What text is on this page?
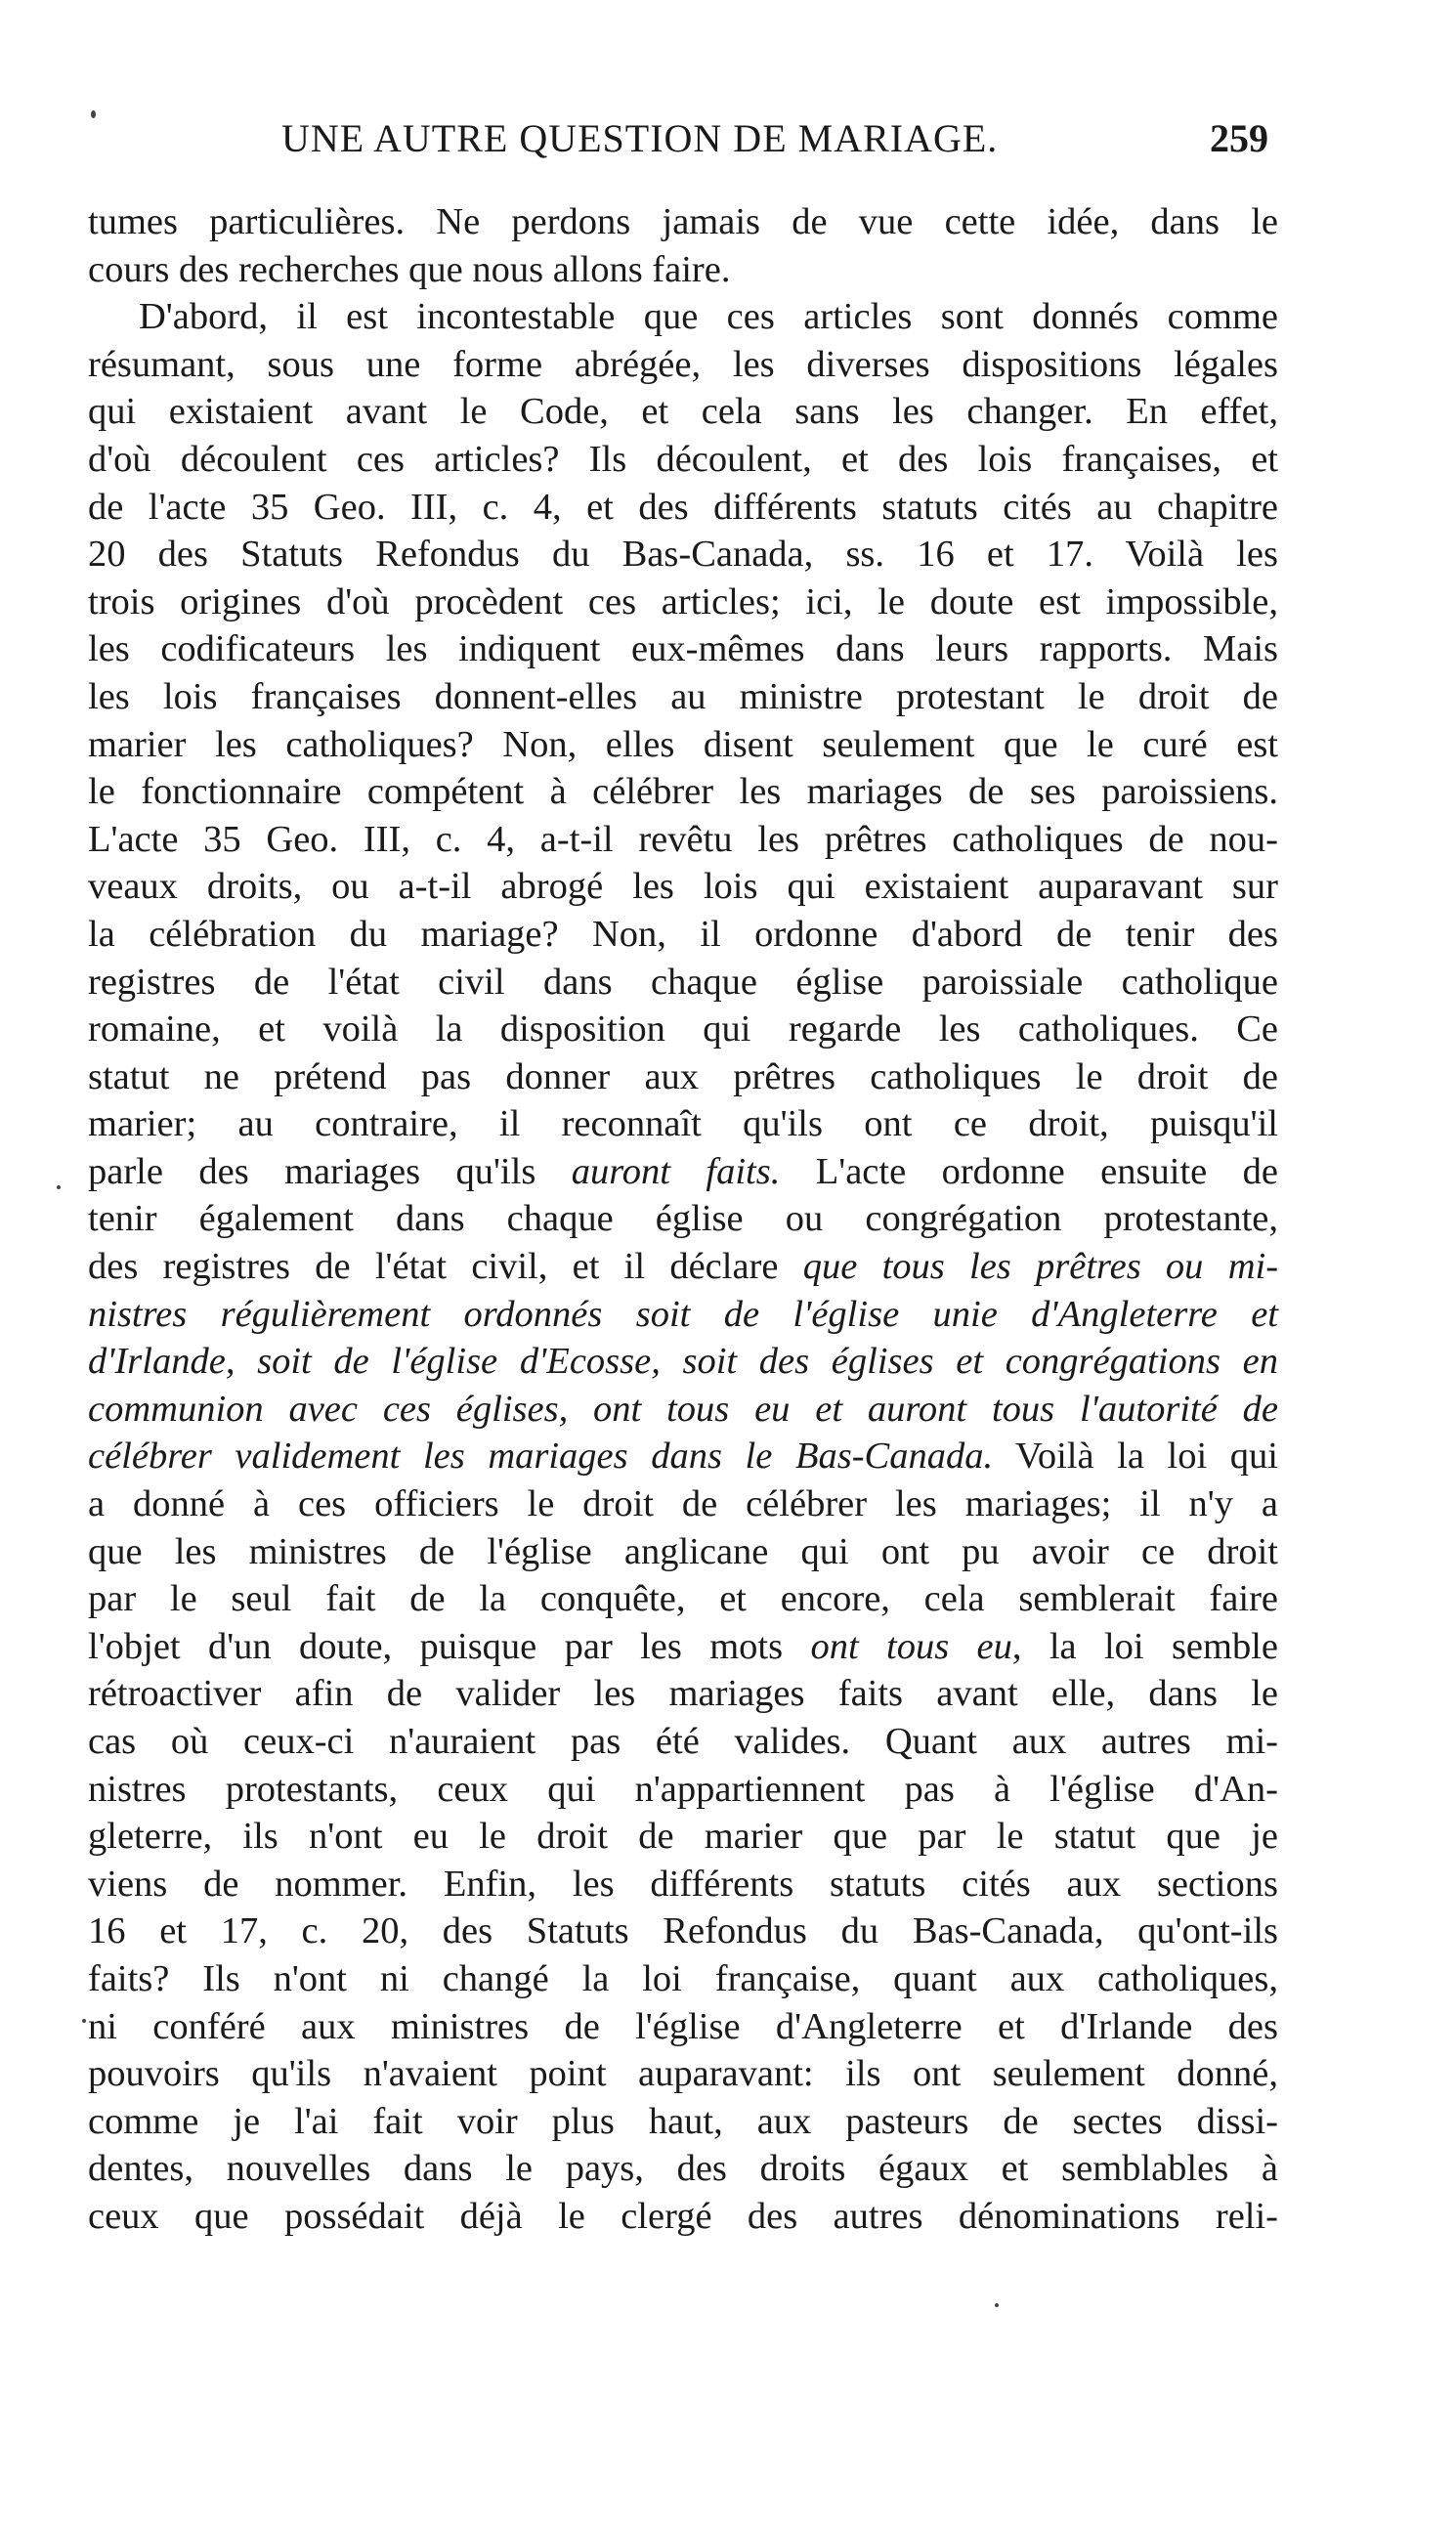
UNE AUTRE QUESTION DE MARIAGE.	259
tumes particulières. Ne perdons jamais de vue cette idée, dans le
cours des recherches que nous allons faire.
D'abord, il est incontestable que ces articles sont donnés comme
résumant, sous une forme abrégée, les diverses dispositions légales
qui existaient avant le Code, et cela sans les changer. En effet,
d'où découlent ces articles? Ils découlent, et des lois françaises, et
de l'acte 35 Geo. III, c. 4, et des différents statuts cités au chapitre
20 des Statuts Refondus du Bas-Canada, ss. 16 et 17. Voilà les
trois origines d'où procèdent ces articles; ici, le doute est impossible,
les codificateurs les indiquent eux-mêmes dans leurs rapports. Mais
les lois françaises donnent-elles au ministre protestant le droit de
marier les catholiques? Non, elles disent seulement que le curé est
le fonctionnaire compétent à célébrer les mariages de ses paroissiens.
L'acte 35 Geo. III, c. 4, a-t-il revêtu les prêtres catholiques de nou-
veaux droits, ou a-t-il abrogé les lois qui existaient auparavant sur
la célébration du mariage? Non, il ordonne d'abord de tenir des
registres de l'état civil dans chaque église paroissiale catholique
romaine, et voilà la disposition qui regarde les catholiques. Ce
statut ne prétend pas donner aux prêtres catholiques le droit de
marier; au contraire, il reconnaît qu'ils ont ce droit, puisqu'il
parle des mariages qu'ils auront faits. L'acte ordonne ensuite de
tenir également dans chaque église ou congrégation protestante,
des registres de l'état civil, et il déclare que tous les prêtres ou mi-
nistres régulièrement ordonnés soit de l'église unie d'Angleterre et
d'Irlande, soit de l'église d'Ecosse, soit des églises et congrégations en
communion avec ces églises, ont tous eu et auront tous l'autorité de
célébrer validement les mariages dans le Bas-Canada. Voilà la loi qui
a donné à ces officiers le droit de célébrer les mariages; il n'y a
que les ministres de l'église anglicane qui ont pu avoir ce droit
par le seul fait de la conquête, et encore, cela semblerait faire
l'objet d'un doute, puisque par les mots ont tous eu, la loi semble
rétroactiver afin de valider les mariages faits avant elle, dans le
cas où ceux-ci n'auraient pas été valides. Quant aux autres mi-
nistres protestants, ceux qui n'appartiennent pas à l'église d'An-
gleterre, ils n'ont eu le droit de marier que par le statut que je
viens de nommer. Enfin, les différents statuts cités aux sections
16 et 17, c. 20, des Statuts Refondus du Bas-Canada, qu'ont-ils
faits? Ils n'ont ni changé la loi française, quant aux catholiques,
ni conféré aux ministres de l'église d'Angleterre et d'Irlande des
pouvoirs qu'ils n'avaient point auparavant: ils ont seulement donné,
comme je l'ai fait voir plus haut, aux pasteurs de sectes dissi-
dentes, nouvelles dans le pays, des droits égaux et semblables à
ceux que possédait déjà le clergé des autres dénominations reli-
